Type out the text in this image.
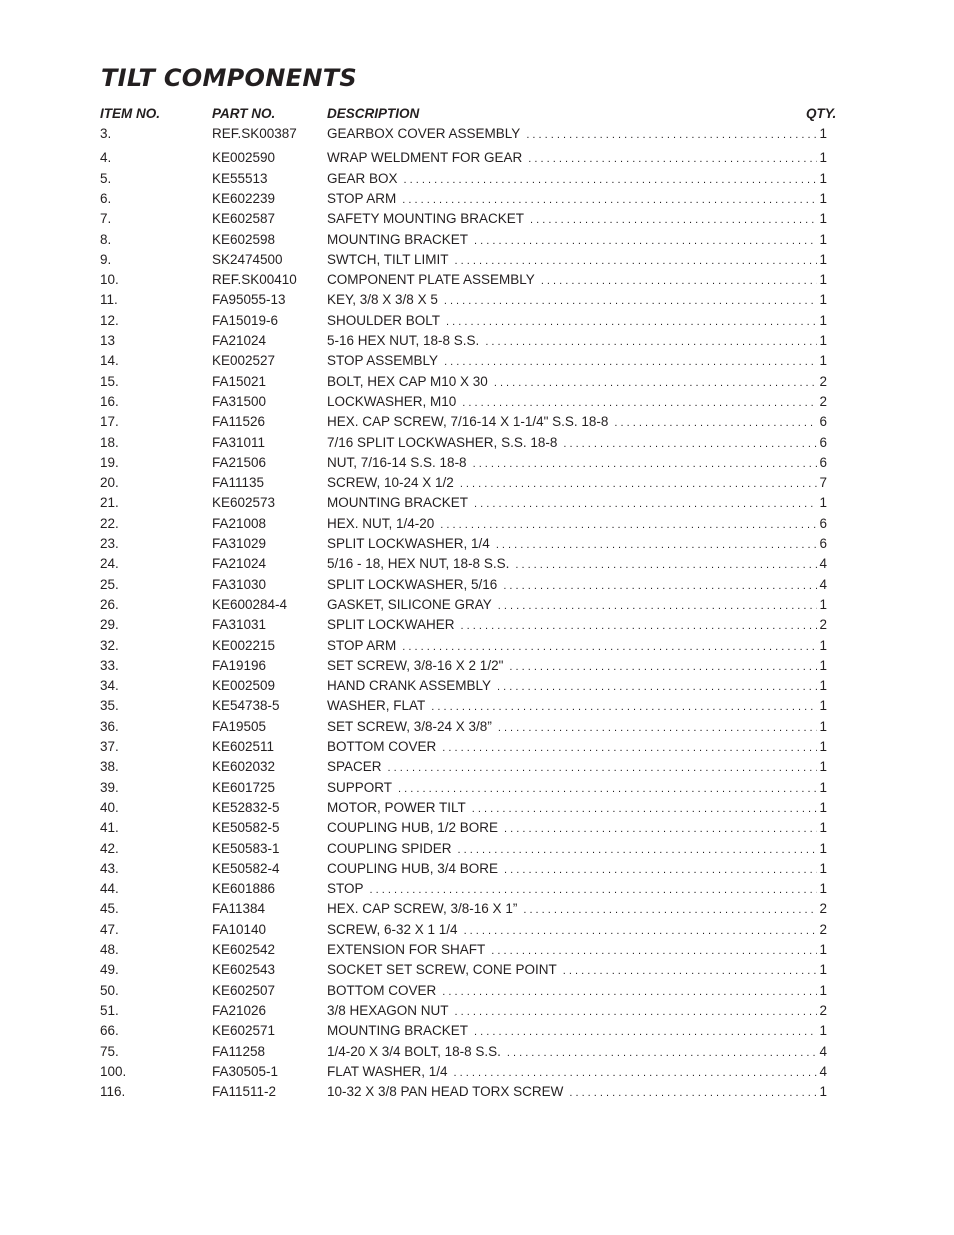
TILT COMPONENTS
ITEM NO.	PART NO.	DESCRIPTION	QTY.
3.	REF.SK00387 GEARBOX COVER ASSEMBLY . . .	1
4.	KE002590	WRAP WELDMENT FOR GEAR . . .	1
5.	KE55513	GEAR BOX . . .	1
6.	KE602239	STOP ARM . . .	1
7.	KE602587	SAFETY MOUNTING BRACKET . . .	1
8.	KE602598	MOUNTING BRACKET . . .	1
9.	SK2474500	SWTCH, TILT LIMIT . . .	1
10.	REF.SK00410 COMPONENT PLATE ASSEMBLY . . .	1
11.	FA95055-13	KEY, 3/8 X 3/8 X 5 . . .	1
12.	FA15019-6	SHOULDER BOLT . . .	1
13	FA21024	5-16 HEX NUT, 18-8 S.S. . . .	1
14.	KE002527	STOP ASSEMBLY . . .	1
15.	FA15021	BOLT, HEX CAP M10 X 30 . . .	2
16.	FA31500	LOCKWASHER, M10 . . .	2
17.	FA11526	HEX. CAP SCREW, 7/16-14 X 1-1/4" S.S. 18-8 . . .	6
18.	FA31011	7/16 SPLIT LOCKWASHER, S.S. 18-8 . . .	6
19.	FA21506	NUT, 7/16-14 S.S. 18-8 . . .	6
20.	FA11135	SCREW, 10-24 X 1/2 . . .	7
21.	KE602573	MOUNTING BRACKET . . .	1
22.	FA21008	HEX. NUT, 1/4-20 . . .	6
23.	FA31029	SPLIT LOCKWASHER, 1/4 . . .	6
24.	FA21024	5/16 - 18, HEX NUT, 18-8 S.S. . . .	4
25.	FA31030	SPLIT LOCKWASHER, 5/16 . . .	4
26.	KE600284-4	GASKET, SILICONE GRAY . . .	1
29.	FA31031	SPLIT LOCKWAHER . . .	2
32.	KE002215	STOP ARM . . .	1
33.	FA19196	SET SCREW, 3/8-16 X 2 1/2" . . .	1
34.	KE002509	HAND CRANK ASSEMBLY . . .	1
35.	KE54738-5	WASHER, FLAT . . .	1
36.	FA19505	SET SCREW, 3/8-24 X 3/8” . . .	1
37.	KE602511	BOTTOM COVER . . .	1
38.	KE602032	SPACER . . .	1
39.	KE601725	SUPPORT . . .	1
40.	KE52832-5	MOTOR, POWER TILT . . .	1
41.	KE50582-5	COUPLING HUB, 1/2 BORE . . .	1
42.	KE50583-1	COUPLING SPIDER . . .	1
43.	KE50582-4	COUPLING HUB, 3/4 BORE . . .	1
44.	KE601886	STOP . . .	1
45.	FA11384	HEX. CAP SCREW, 3/8-16 X 1” . . .	2
47.	FA10140	SCREW, 6-32 X 1 1/4 . . .	2
48.	KE602542	EXTENSION FOR SHAFT . . .	1
49.	KE602543	SOCKET SET SCREW, CONE POINT . . .	1
50.	KE602507	BOTTOM COVER . . .	1
51.	FA21026	3/8 HEXAGON NUT . . .	2
66.	KE602571	MOUNTING BRACKET . . .	1
75.	FA11258	1/4-20 X 3/4 BOLT, 18-8 S.S. . . .	4
100.	FA30505-1	FLAT WASHER, 1/4 . . .	4
116.	FA11511-2	10-32 X 3/8 PAN HEAD TORX SCREW . . .	1
